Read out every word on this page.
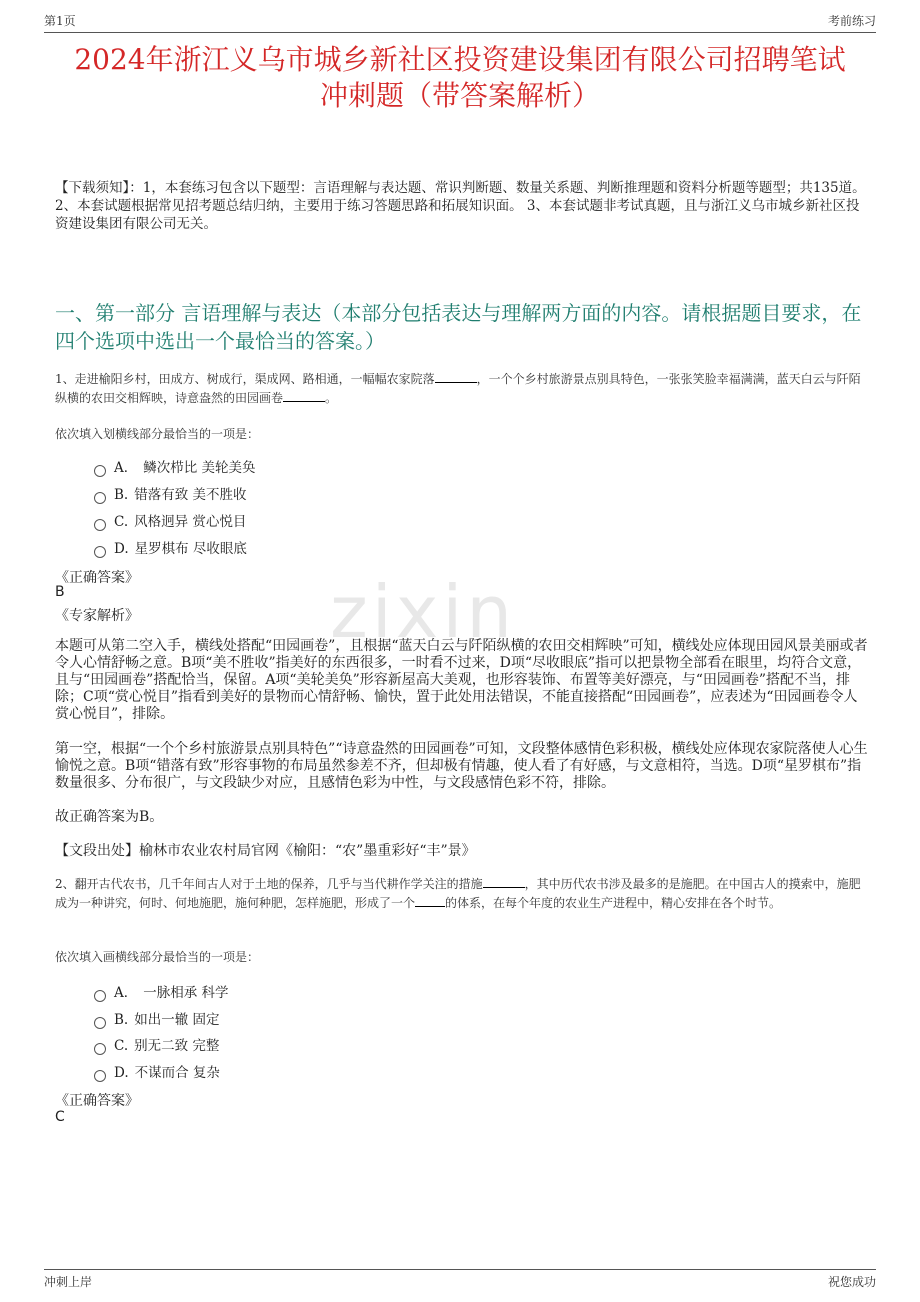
第1页	考前练习
zixin
2024年浙江义乌市城乡新社区投资建设集团有限公司招聘笔试
冲刺题（带答案解析）
【下载须知】：1，本套练习包含以下题型：言语理解与表达题、常识判断题、数量关系题、判断推理题和资料分析题等题型；共135道。 2、本套试题根据常见招考题总结归纳，主要用于练习答题思路和拓展知识面。 3、本套试题非考试真题，且与浙江义乌市城乡新社区投资建设集团有限公司无关。
一、第一部分 言语理解与表达（本部分包括表达与理解两方面的内容。请根据题目要求，在四个选项中选出一个最恰当的答案。）
1、走进榆阳乡村，田成方、树成行，渠成网、路相通，一幅幅农家院落	，一个个乡村旅游景点别具特色，一张张笑脸幸福满满，蓝天白云与阡陌纵横的农田交相辉映，诗意盎然的田园画卷	。
依次填入划横线部分最恰当的一项是：
A． 鳞次栉比 美轮美奂
B. 错落有致 美不胜收
C. 风格迥异 赏心悦目
D. 星罗棋布 尽收眼底
《正确答案》
B
《专家解析》
本题可从第二空入手，横线处搭配“田园画卷”，且根据“蓝天白云与阡陌纵横的农田交相辉映”可知，横线处应体现田园风景美丽或者令人心情舒畅之意。B项“美不胜收”指美好的东西很多，一时看不过来，D项“尽收眼底”指可以把景物全部看在眼里，均符合文意，且与“田园画卷”搭配恰当，保留。A项“美轮美奂”形容新屋高大美观，也形容装饰、布置等美好漂亮，与“田园画卷”搭配不当，排除；C项“赏心悦目”指看到美好的景物而心情舒畅、愉快，置于此处用法错误，不能直接搭配“田园画卷”，应表述为“田园画卷令人赏心悦目”，排除。
第一空，根据“一个个乡村旅游景点别具特色”“诗意盎然的田园画卷”可知，文段整体感情色彩积极，横线处应体现农家院落使人心生愉悦之意。B项“错落有致”形容事物的布局虽然参差不齐，但却极有情趣，使人看了有好感，与文意相符，当选。D项“星罗棋布”指数量很多、分布很广，与文段缺少对应，且感情色彩为中性，与文段感情色彩不符，排除。
故正确答案为B。
【文段出处】榆林市农业农村局官网《榆阳：“农”墨重彩好“丰”景》
2、翻开古代农书，几千年间古人对于土地的保养，几乎与当代耕作学关注的措施	，其中历代农书涉及最多的是施肥。在中国古人的摸索中，施肥成为一种讲究，何时、何地施肥，施何种肥，怎样施肥，形成了一个	的体系，在每个年度的农业生产进程中，精心安排在各个时节。
依次填入画横线部分最恰当的一项是：
A． 一脉相承 科学
B. 如出一辙 固定
C. 别无二致 完整
D. 不谋而合 复杂
《正确答案》
C
冲刺上岸	祝您成功
